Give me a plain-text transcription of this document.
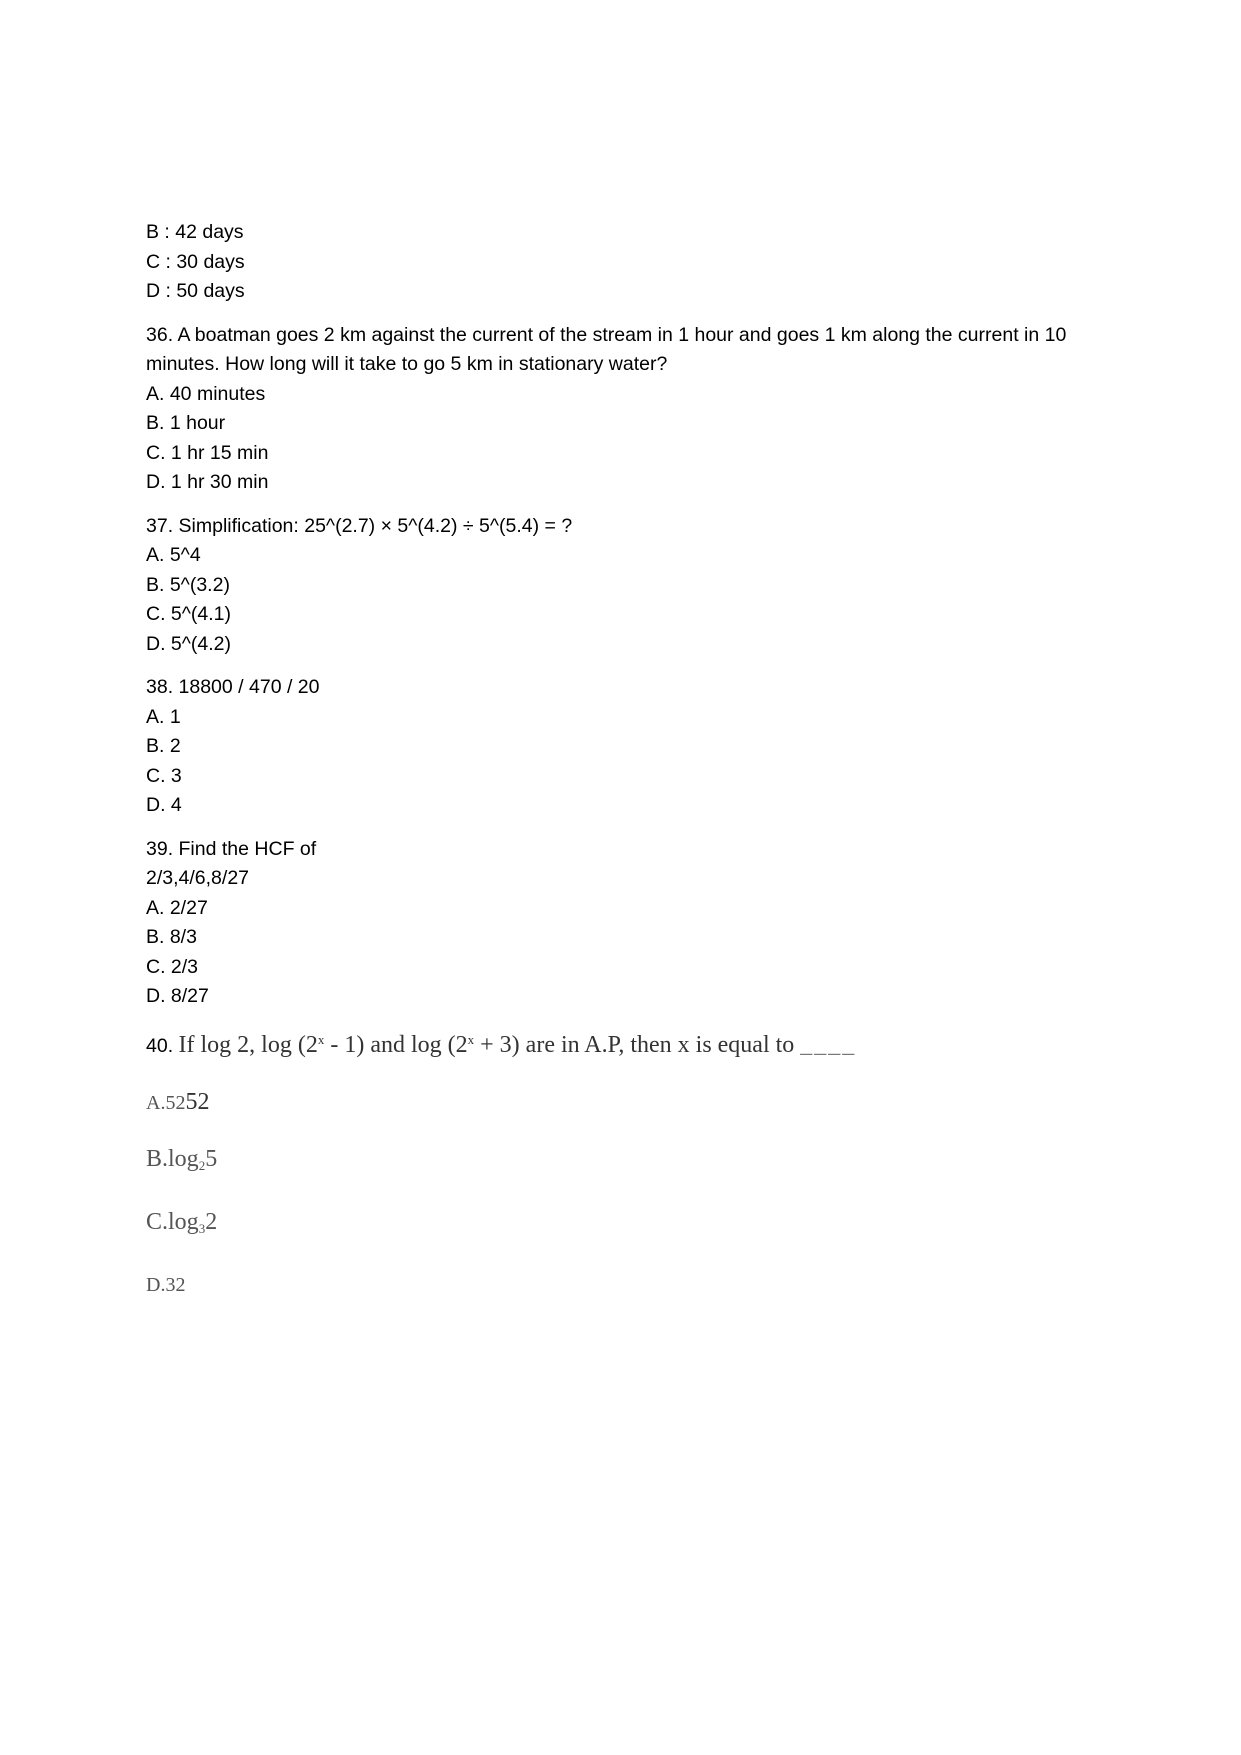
B : 42 days
C : 30 days
D : 50 days
36. A boatman goes 2 km against the current of the stream in 1 hour and goes 1 km along the current in 10 minutes. How long will it take to go 5 km in stationary water?
A. 40 minutes
B. 1 hour
C. 1 hr 15 min
D. 1 hr 30 min
37. Simplification: 25^(2.7) × 5^(4.2) ÷ 5^(5.4) = ?
A. 5^4
B. 5^(3.2)
C. 5^(4.1)
D. 5^(4.2)
38. 18800 / 470 / 20
A. 1
B. 2
C. 3
D. 4
39. Find the HCF of
2/3,4/6,8/27
A. 2/27
B. 8/3
C. 2/3
D. 8/27
40. If log 2, log (2$^x$ - 1) and $\log (2^x + 3)$ are in A.P, then x is equal to ____
A.5252
$B.\log_25$
$C.\log_32$
D.32
